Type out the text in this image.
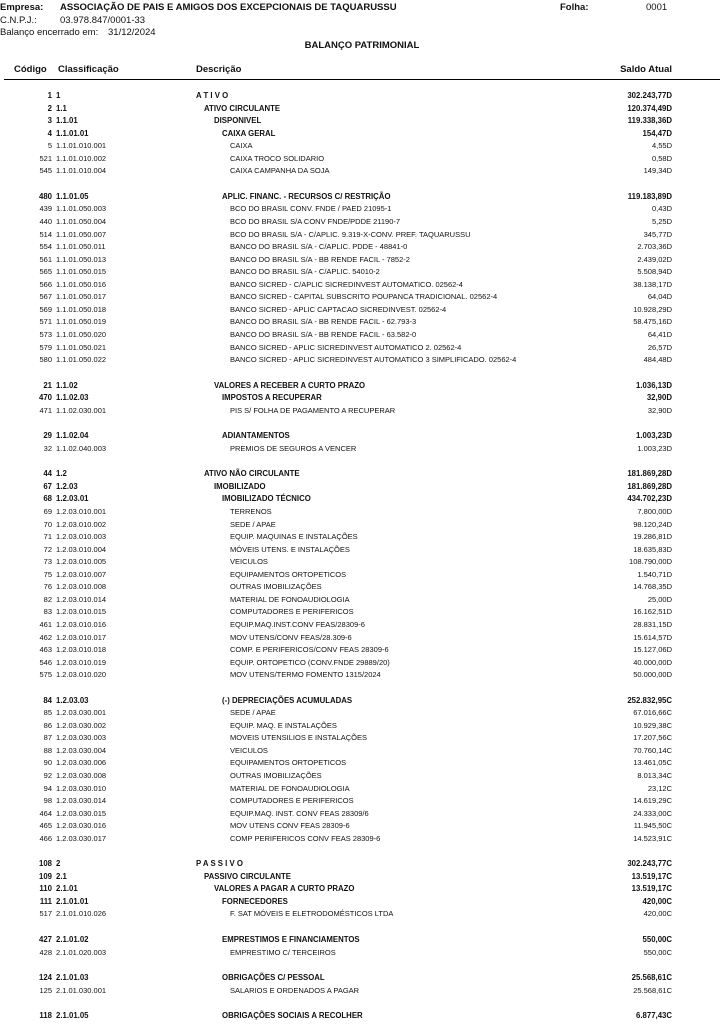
Empresa: ASSOCIAÇÃO DE PAIS E AMIGOS DOS EXCEPCIONAIS DE TAQUARUSSU	Folha:	0001
C.N.P.J.: 03.978.847/0001-33
Balanço encerrado em: 31/12/2024
BALANÇO PATRIMONIAL
Código Classificação	Descrição	Saldo Atual
1 1	A T I V O	302.243,77D
2 1.1	ATIVO CIRCULANTE	120.374,49D
3 1.1.01	DISPONIVEL	119.338,36D
4 1.1.01.01	CAIXA GERAL	154,47D
5 1.1.01.010.001	CAIXA	4,55D
521 1.1.01.010.002	CAIXA TROCO SOLIDARIO	0,58D
545 1.1.01.010.004	CAIXA CAMPANHA DA SOJA	149,34D
480 1.1.01.05	APLIC. FINANC. - RECURSOS C/ RESTRIÇÃO	119.183,89D
439 1.1.01.050.003	BCO DO BRASIL CONV. FNDE / PAED 21095-1	0,43D
440 1.1.01.050.004	BCO DO BRASIL S/A CONV FNDE/PDDE 21190-7	5,25D
514 1.1.01.050.007	BCO DO BRASIL S/A - C/APLIC. 9.319-X-CONV. PREF. TAQUARUSSU	345,77D
554 1.1.01.050.011	BANCO DO BRASIL S/A - C/APLIC. PDDE - 48841-0	2.703,36D
561 1.1.01.050.013	BANCO DO BRASIL S/A - BB RENDE FACIL - 7852-2	2.439,02D
565 1.1.01.050.015	BANCO DO BRASIL S/A - C/APLIC. 54010-2	5.508,94D
566 1.1.01.050.016	BANCO SICRED - C/APLIC SICREDINVEST AUTOMATICO. 02562-4	38.138,17D
567 1.1.01.050.017	BANCO SICRED - CAPITAL SUBSCRITO POUPANCA TRADICIONAL. 02562-4	64,04D
569 1.1.01.050.018	BANCO SICRED - APLIC CAPTACAO SICREDINVEST. 02562-4	10.928,29D
571 1.1.01.050.019	BANCO DO BRASIL S/A - BB RENDE FACIL - 62.793-3	58.475,16D
573 1.1.01.050.020	BANCO DO BRASIL S/A - BB RENDE FACIL - 63.582-0	64,41D
579 1.1.01.050.021	BANCO SICRED - APLIC SICREDINVEST AUTOMATICO 2. 02562-4	26,57D
580 1.1.01.050.022	BANCO SICRED - APLIC SICREDINVEST AUTOMATICO 3 SIMPLIFICADO. 02562-4	484,48D
21 1.1.02	VALORES A RECEBER A CURTO PRAZO	1.036,13D
470 1.1.02.03	IMPOSTOS A RECUPERAR	32,90D
471 1.1.02.030.001	PIS S/ FOLHA DE PAGAMENTO A RECUPERAR	32,90D
29 1.1.02.04	ADIANTAMENTOS	1.003,23D
32 1.1.02.040.003	PREMIOS DE SEGUROS A VENCER	1.003,23D
44 1.2	ATIVO NÃO CIRCULANTE	181.869,28D
67 1.2.03	IMOBILIZADO	181.869,28D
68 1.2.03.01	IMOBILIZADO TÉCNICO	434.702,23D
69 1.2.03.010.001	TERRENOS	7.800,00D
70 1.2.03.010.002	SEDE / APAE	98.120,24D
71 1.2.03.010.003	EQUIP. MAQUINAS E INSTALAÇÕES	19.286,81D
72 1.2.03.010.004	MÓVEIS UTENS. E INSTALAÇÕES	18.635,83D
73 1.2.03.010.005	VEICULOS	108.790,00D
75 1.2.03.010.007	EQUIPAMENTOS ORTOPETICOS	1.540,71D
76 1.2.03.010.008	OUTRAS IMOBILIZAÇÕES	14.768,35D
82 1.2.03.010.014	MATERIAL DE FONOAUDIOLOGIA	25,00D
83 1.2.03.010.015	COMPUTADORES E PERIFERICOS	16.162,51D
461 1.2.03.010.016	EQUIP.MAQ.INST.CONV FEAS/28309-6	28.831,15D
462 1.2.03.010.017	MOV UTENS/CONV FEAS/28.309-6	15.614,57D
463 1.2.03.010.018	COMP. E PERIFERICOS/CONV FEAS 28309-6	15.127,06D
546 1.2.03.010.019	EQUIP. ORTOPETICO (CONV.FNDE 29889/20)	40.000,00D
575 1.2.03.010.020	MOV UTENS/TERMO FOMENTO 1315/2024	50.000,00D
84 1.2.03.03	(-) DEPRECIAÇÕES ACUMULADAS	252.832,95C
85 1.2.03.030.001	SEDE / APAE	67.016,66C
86 1.2.03.030.002	EQUIP. MAQ. E INSTALAÇÕES	10.929,38C
87 1.2.03.030.003	MOVEIS UTENSILIOS E INSTALAÇÕES	17.207,56C
88 1.2.03.030.004	VEICULOS	70.760,14C
90 1.2.03.030.006	EQUIPAMENTOS ORTOPETICOS	13.461,05C
92 1.2.03.030.008	OUTRAS IMOBILIZAÇÕES	8.013,34C
94 1.2.03.030.010	MATERIAL DE FONOAUDIOLOGIA	23,12C
98 1.2.03.030.014	COMPUTADORES E PERIFERICOS	14.619,29C
464 1.2.03.030.015	EQUIP.MAQ. INST. CONV FEAS 28309/6	24.333,00C
465 1.2.03.030.016	MOV UTENS CONV FEAS 28309-6	11.945,50C
466 1.2.03.030.017	COMP PERIFERICOS CONV FEAS 28309-6	14.523,91C
108 2	P A S S I V O	302.243,77C
109 2.1	PASSIVO CIRCULANTE	13.519,17C
110 2.1.01	VALORES A PAGAR A CURTO PRAZO	13.519,17C
111 2.1.01.01	FORNECEDORES	420,00C
517 2.1.01.010.026	F. SAT MÓVEIS E ELETRODOMÉSTICOS LTDA	420,00C
427 2.1.01.02	EMPRESTIMOS E FINANCIAMENTOS	550,00C
428 2.1.01.020.003	EMPRESTIMO C/ TERCEIROS	550,00C
124 2.1.01.03	OBRIGAÇÕES C/ PESSOAL	25.568,61C
125 2.1.01.030.001	SALARIOS E ORDENADOS A PAGAR	25.568,61C
118 2.1.01.05	OBRIGAÇÕES SOCIAIS A RECOLHER	6.877,43C
